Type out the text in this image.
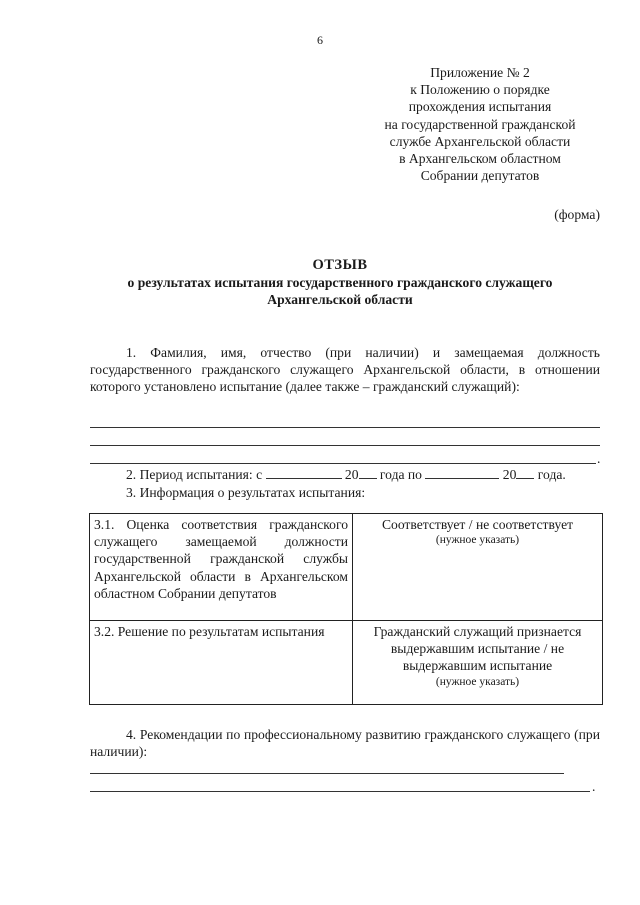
6
Приложение № 2
к Положению о порядке
прохождения испытания
на государственной гражданской
службе Архангельской области
в Архангельском областном
Собрании депутатов
(форма)
ОТЗЫВ
о результатах испытания государственного гражданского служащего
Архангельской области
1. Фамилия, имя, отчество (при наличии) и замещаемая должность государственного гражданского служащего Архангельской области, в отношении которого установлено испытание (далее также – гражданский служащий):
.
2. Период испытания: с	20 года по	20 года.
3. Информация о результатах испытания:
3.1. Оценка соответствия гражданского служащего замещаемой должности государственной гражданской службы Архангельской области в Архангельском областном Собрании депутатов	Соответствует / не соответствует
(нужное указать)

3.2. Решение по результатам испытания	Гражданский служащий признается выдержавшим испытание / не выдержавшим испытание
(нужное указать)
4. Рекомендации по профессиональному развитию гражданского служащего (при наличии):
.
